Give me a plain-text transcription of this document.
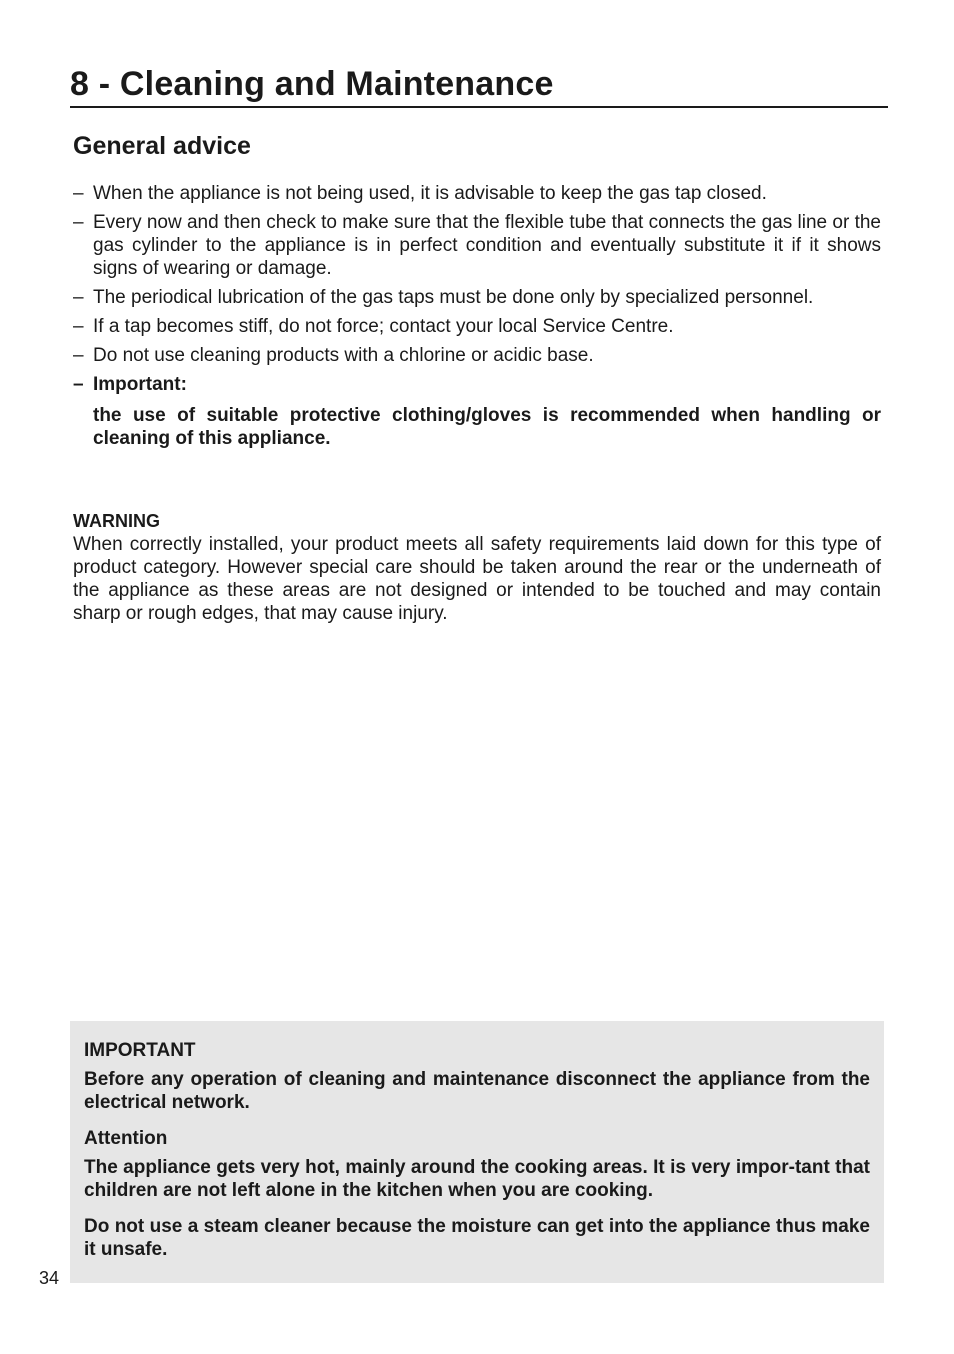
8 - Cleaning and Maintenance
General advice
– When the appliance is not being used, it is advisable to keep the gas tap closed.
– Every now and then check to make sure that the flexible tube that connects the gas line or the gas cylinder to the appliance is in perfect condition and eventually substitute it if it shows signs of wearing or damage.
– The periodical lubrication of the gas taps must be done only by specialized personnel.
– If a tap becomes stiff, do not force; contact your local Service Centre.
– Do not use cleaning products with a chlorine or acidic base.
– Important:
the use of suitable protective clothing/gloves is recommended when handling or cleaning of this appliance.
WARNING
When correctly installed, your product meets all safety requirements laid down for this type of product category. However special care should be taken around the rear or the underneath of the appliance as these areas are not designed or intended to be touched and may contain sharp or rough edges, that may cause injury.

IMPORTANT

Before any operation of cleaning and maintenance disconnect the appliance from the electrical network.

Attention

The appliance gets very hot, mainly around the cooking areas. It is very impor-tant that children are not left alone in the kitchen when you are cooking.

Do not use a steam cleaner because the moisture can get into the appliance thus make it unsafe.

34
